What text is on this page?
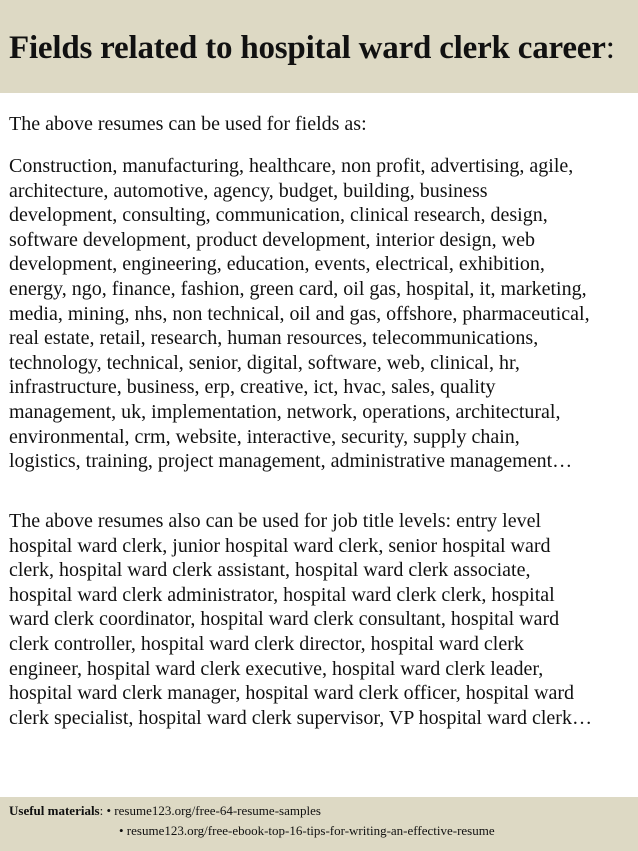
Fields related to hospital ward clerk career:

The above resumes can be used for fields as:

Construction, manufacturing, healthcare, non profit, advertising, agile,
architecture, automotive, agency, budget, building, business
development, consulting, communication, clinical research, design,
software development, product development, interior design, web
development, engineering, education, events, electrical, exhibition,
energy, ngo, finance, fashion, green card, oil gas, hospital, it, marketing,
media, mining, nhs, non technical, oil and gas, offshore, pharmaceutical,
real estate, retail, research, human resources, telecommunications,
technology, technical, senior, digital, software, web, clinical, hr,
infrastructure, business, erp, creative, ict, hvac, sales, quality
management, uk, implementation, network, operations, architectural,
environmental, crm, website, interactive, security, supply chain,
logistics, training, project management, administrative management…

The above resumes also can be used for job title levels: entry level
hospital ward clerk, junior hospital ward clerk, senior hospital ward
clerk, hospital ward clerk assistant, hospital ward clerk associate,
hospital ward clerk administrator, hospital ward clerk clerk, hospital
ward clerk coordinator, hospital ward clerk consultant, hospital ward
clerk controller, hospital ward clerk director, hospital ward clerk
engineer, hospital ward clerk executive, hospital ward clerk leader,
hospital ward clerk manager, hospital ward clerk officer, hospital ward
clerk specialist, hospital ward clerk supervisor, VP hospital ward clerk…

Useful materials: • resume123.org/free-64-resume-samples
• resume123.org/free-ebook-top-16-tips-for-writing-an-effective-resume
